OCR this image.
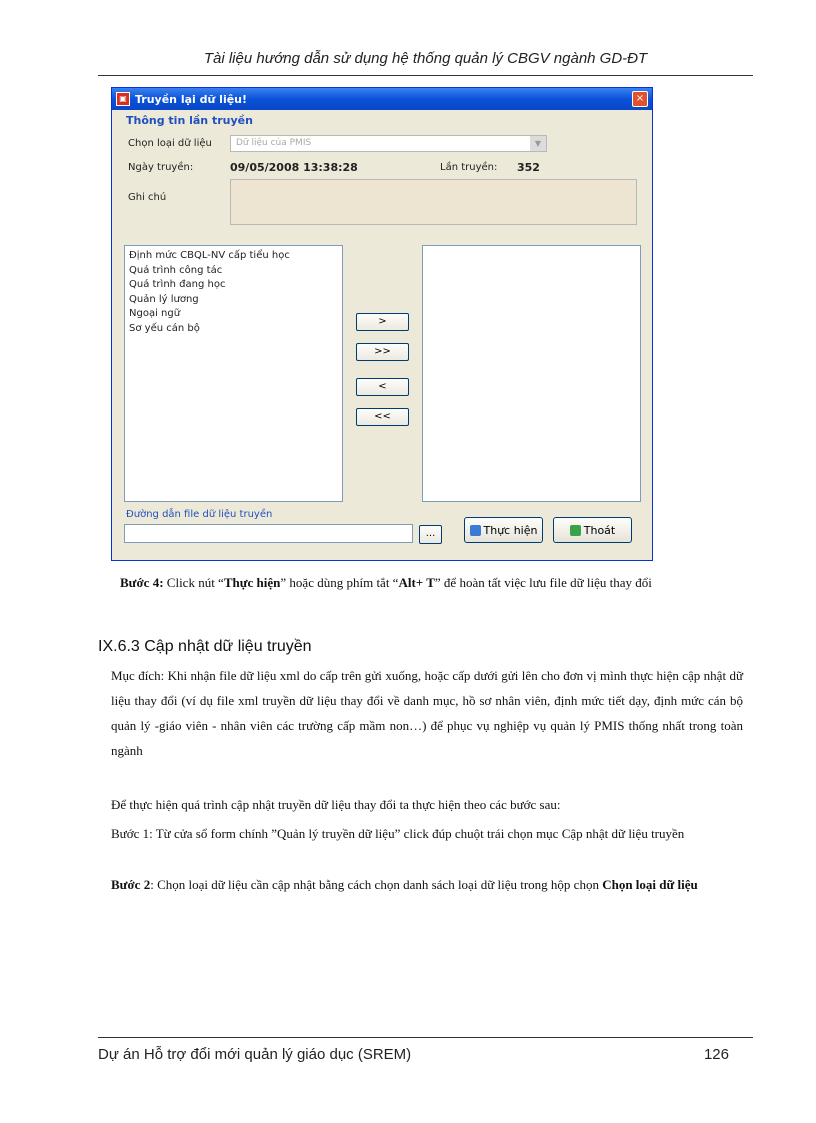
Tài liệu hướng dẫn sử dụng hệ thống quản lý CBGV ngành GD-ĐT
▣ Truyền lại dữ liệu!	×
Thông tin lần truyền
Chọn loại dữ liệu	Dữ liệu của PMIS	▼
Ngày truyền:	09/05/2008 13:38:28	Lần truyền: 352
Ghi chú
Định mức CBQL-NV cấp tiểu học
Quá trình công tác
Quá trình đang học
Quản lý lương
Ngoại ngữ
Sơ yếu cán bộ
>
>>
<
<<
Đường dẫn file dữ liệu truyền
...	Thực hiện	Thoát
Bước 4: Click nút “Thực hiện” hoặc dùng phím tắt “Alt+ T” để hoàn tất việc lưu file dữ liệu thay đổi
IX.6.3 Cập nhật dữ liệu truyền
Mục đích: Khi nhận file dữ liệu xml do cấp trên gửi xuống, hoặc cấp dưới gửi lên cho đơn vị mình thực hiện cập nhật dữ liệu thay đổi (ví dụ file xml truyền dữ liệu thay đổi về danh mục, hồ sơ nhân viên, định mức tiết dạy, định mức cán bộ quản lý -giáo viên - nhân viên các trường cấp mầm non…) để phục vụ nghiệp vụ quản lý PMIS thống nhất trong toàn ngành
Để thực hiện quá trình cập nhật truyền dữ liệu thay đổi ta thực hiện theo các bước sau:
Bước 1: Từ cửa sổ form chính ”Quản lý truyền dữ liệu” click đúp chuột trái chọn mục Cập nhật dữ liệu truyền
Bước 2: Chọn loại dữ liệu cần cập nhật bằng cách chọn danh sách loại dữ liệu trong hộp chọn Chọn loại dữ liệu
Dự án Hỗ trợ đổi mới quản lý giáo dục (SREM)	126
